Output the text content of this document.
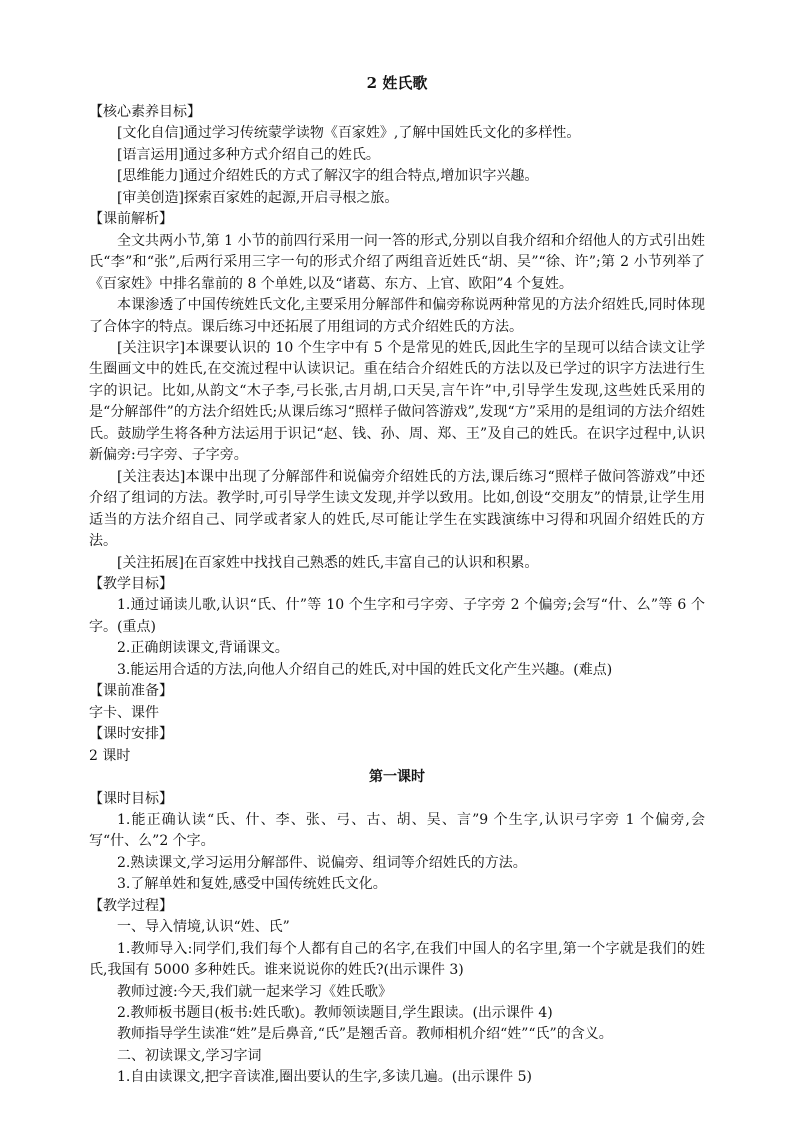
2 姓氏歌

【核心素养目标】

[文化自信]通过学习传统蒙学读物《百家姓》,了解中国姓氏文化的多样性。

[语言运用]通过多种方式介绍自己的姓氏。

[思维能力]通过介绍姓氏的方式了解汉字的组合特点,增加识字兴趣。

[审美创造]探索百家姓的起源,开启寻根之旅。

【课前解析】

全文共两小节,第 1 小节的前四行采用一问一答的形式,分别以自我介绍和介绍他人的方式引出姓氏“李”和“张”,后两行采用三字一句的形式介绍了两组音近姓氏“胡、吴”“徐、许”;第 2 小节列举了《百家姓》中排名靠前的 8 个单姓,以及“诸葛、东方、上官、欧阳”4 个复姓。

本课渗透了中国传统姓氏文化,主要采用分解部件和偏旁称说两种常见的方法介绍姓氏,同时体现了合体字的特点。课后练习中还拓展了用组词的方式介绍姓氏的方法。

[关注识字]本课要认识的 10 个生字中有 5 个是常见的姓氏,因此生字的呈现可以结合读文让学生圈画文中的姓氏,在交流过程中认读识记。重在结合介绍姓氏的方法以及已学过的识字方法进行生字的识记。比如,从韵文“木子李,弓长张,古月胡,口天吴,言午许”中,引导学生发现,这些姓氏采用的是“分解部件”的方法介绍姓氏;从课后练习“照样子做问答游戏”,发现“方”采用的是组词的方法介绍姓氏。鼓励学生将各种方法运用于识记“赵、钱、孙、周、郑、王”及自己的姓氏。在识字过程中,认识新偏旁:弓字旁、子字旁。

[关注表达]本课中出现了分解部件和说偏旁介绍姓氏的方法,课后练习“照样子做问答游戏”中还介绍了组词的方法。教学时,可引导学生读文发现,并学以致用。比如,创设“交朋友”的情景,让学生用适当的方法介绍自己、同学或者家人的姓氏,尽可能让学生在实践演练中习得和巩固介绍姓氏的方法。

[关注拓展]在百家姓中找找自己熟悉的姓氏,丰富自己的认识和积累。

【教学目标】

1.通过诵读儿歌,认识“氏、什”等 10 个生字和弓字旁、子字旁 2 个偏旁;会写“什、么”等 6 个字。(重点)

2.正确朗读课文,背诵课文。

3.能运用合适的方法,向他人介绍自己的姓氏,对中国的姓氏文化产生兴趣。(难点)

【课前准备】

字卡、课件

【课时安排】

2 课时

第一课时

【课时目标】

1.能正确认读“氏、什、李、张、弓、古、胡、吴、言”9 个生字,认识弓字旁 1 个偏旁,会写“什、么”2 个字。

2.熟读课文,学习运用分解部件、说偏旁、组词等介绍姓氏的方法。

3.了解单姓和复姓,感受中国传统姓氏文化。

【教学过程】

一、导入情境,认识“姓、氏”

1.教师导入:同学们,我们每个人都有自己的名字,在我们中国人的名字里,第一个字就是我们的姓氏,我国有 5000 多种姓氏。谁来说说你的姓氏?(出示课件 3)

教师过渡:今天,我们就一起来学习《姓氏歌》

2.教师板书题目(板书:姓氏歌)。教师领读题目,学生跟读。(出示课件 4)

教师指导学生读准“姓”是后鼻音,“氏”是翘舌音。教师相机介绍“姓”“氏”的含义。

二、初读课文,学习字词

1.自由读课文,把字音读准,圈出要认的生字,多读几遍。(出示课件 5)
